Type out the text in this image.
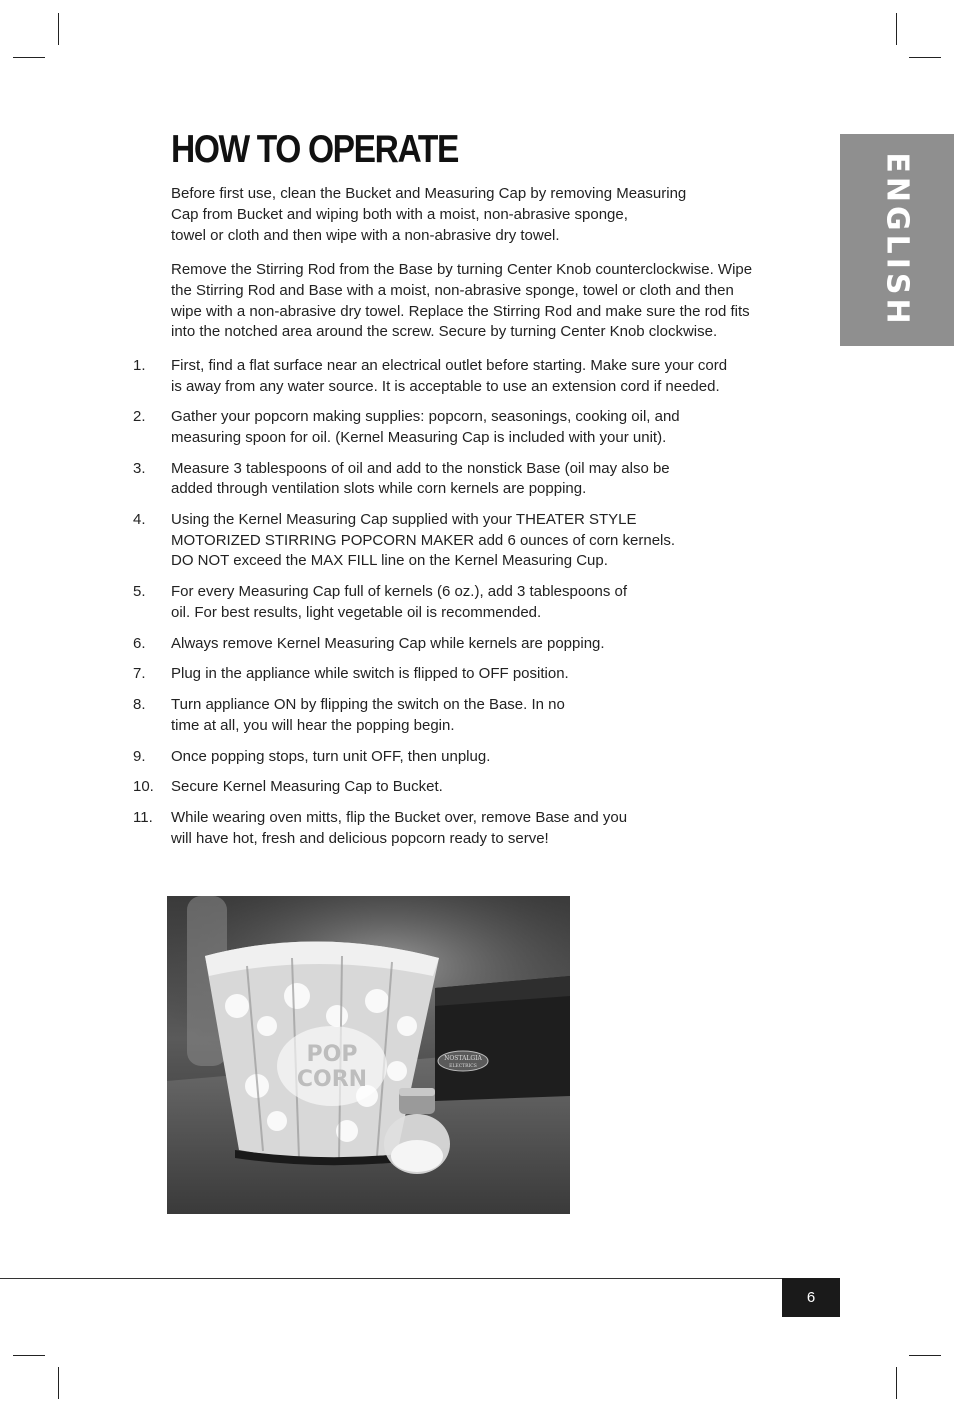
ENGLISH
HOW TO OPERATE
Before first use, clean the Bucket and Measuring Cap by removing Measuring
Cap from Bucket and wiping both with a moist, non-abrasive sponge,
towel or cloth and then wipe with a non-abrasive dry towel.
Remove the Stirring Rod from the Base by turning Center Knob counterclockwise. Wipe
the Stirring Rod and Base with a moist, non-abrasive sponge, towel or cloth and then
wipe with a non-abrasive dry towel. Replace the Stirring Rod and make sure the rod fits
into the notched area around the screw. Secure by turning Center Knob clockwise.
1. First, find a flat surface near an electrical outlet before starting. Make sure your cord
is away from any water source. It is acceptable to use an extension cord if needed.
2. Gather your popcorn making supplies: popcorn, seasonings, cooking oil, and
measuring spoon for oil. (Kernel Measuring Cap is included with your unit).
3. Measure 3 tablespoons of oil and add to the nonstick Base (oil may also be
added through ventilation slots while corn kernels are popping.
4. Using the Kernel Measuring Cap supplied with your THEATER STYLE
MOTORIZED STIRRING POPCORN MAKER add 6 ounces of corn kernels.
DO NOT exceed the MAX FILL line on the Kernel Measuring Cup.
5. For every Measuring Cap full of kernels (6 oz.), add 3 tablespoons of
oil. For best results, light vegetable oil is recommended.
6. Always remove Kernel Measuring Cap while kernels are popping.
7. Plug in the appliance while switch is flipped to OFF position.
8. Turn appliance ON by flipping the switch on the Base. In no
time at all, you will hear the popping begin.
9. Once popping stops, turn unit OFF, then unplug.
10. Secure Kernel Measuring Cap to Bucket.
11. While wearing oven mitts, flip the Bucket over, remove Base and you
will have hot, fresh and delicious popcorn ready to serve!
POP
CORN
NOSTALGIA
ELECTRICS
6
